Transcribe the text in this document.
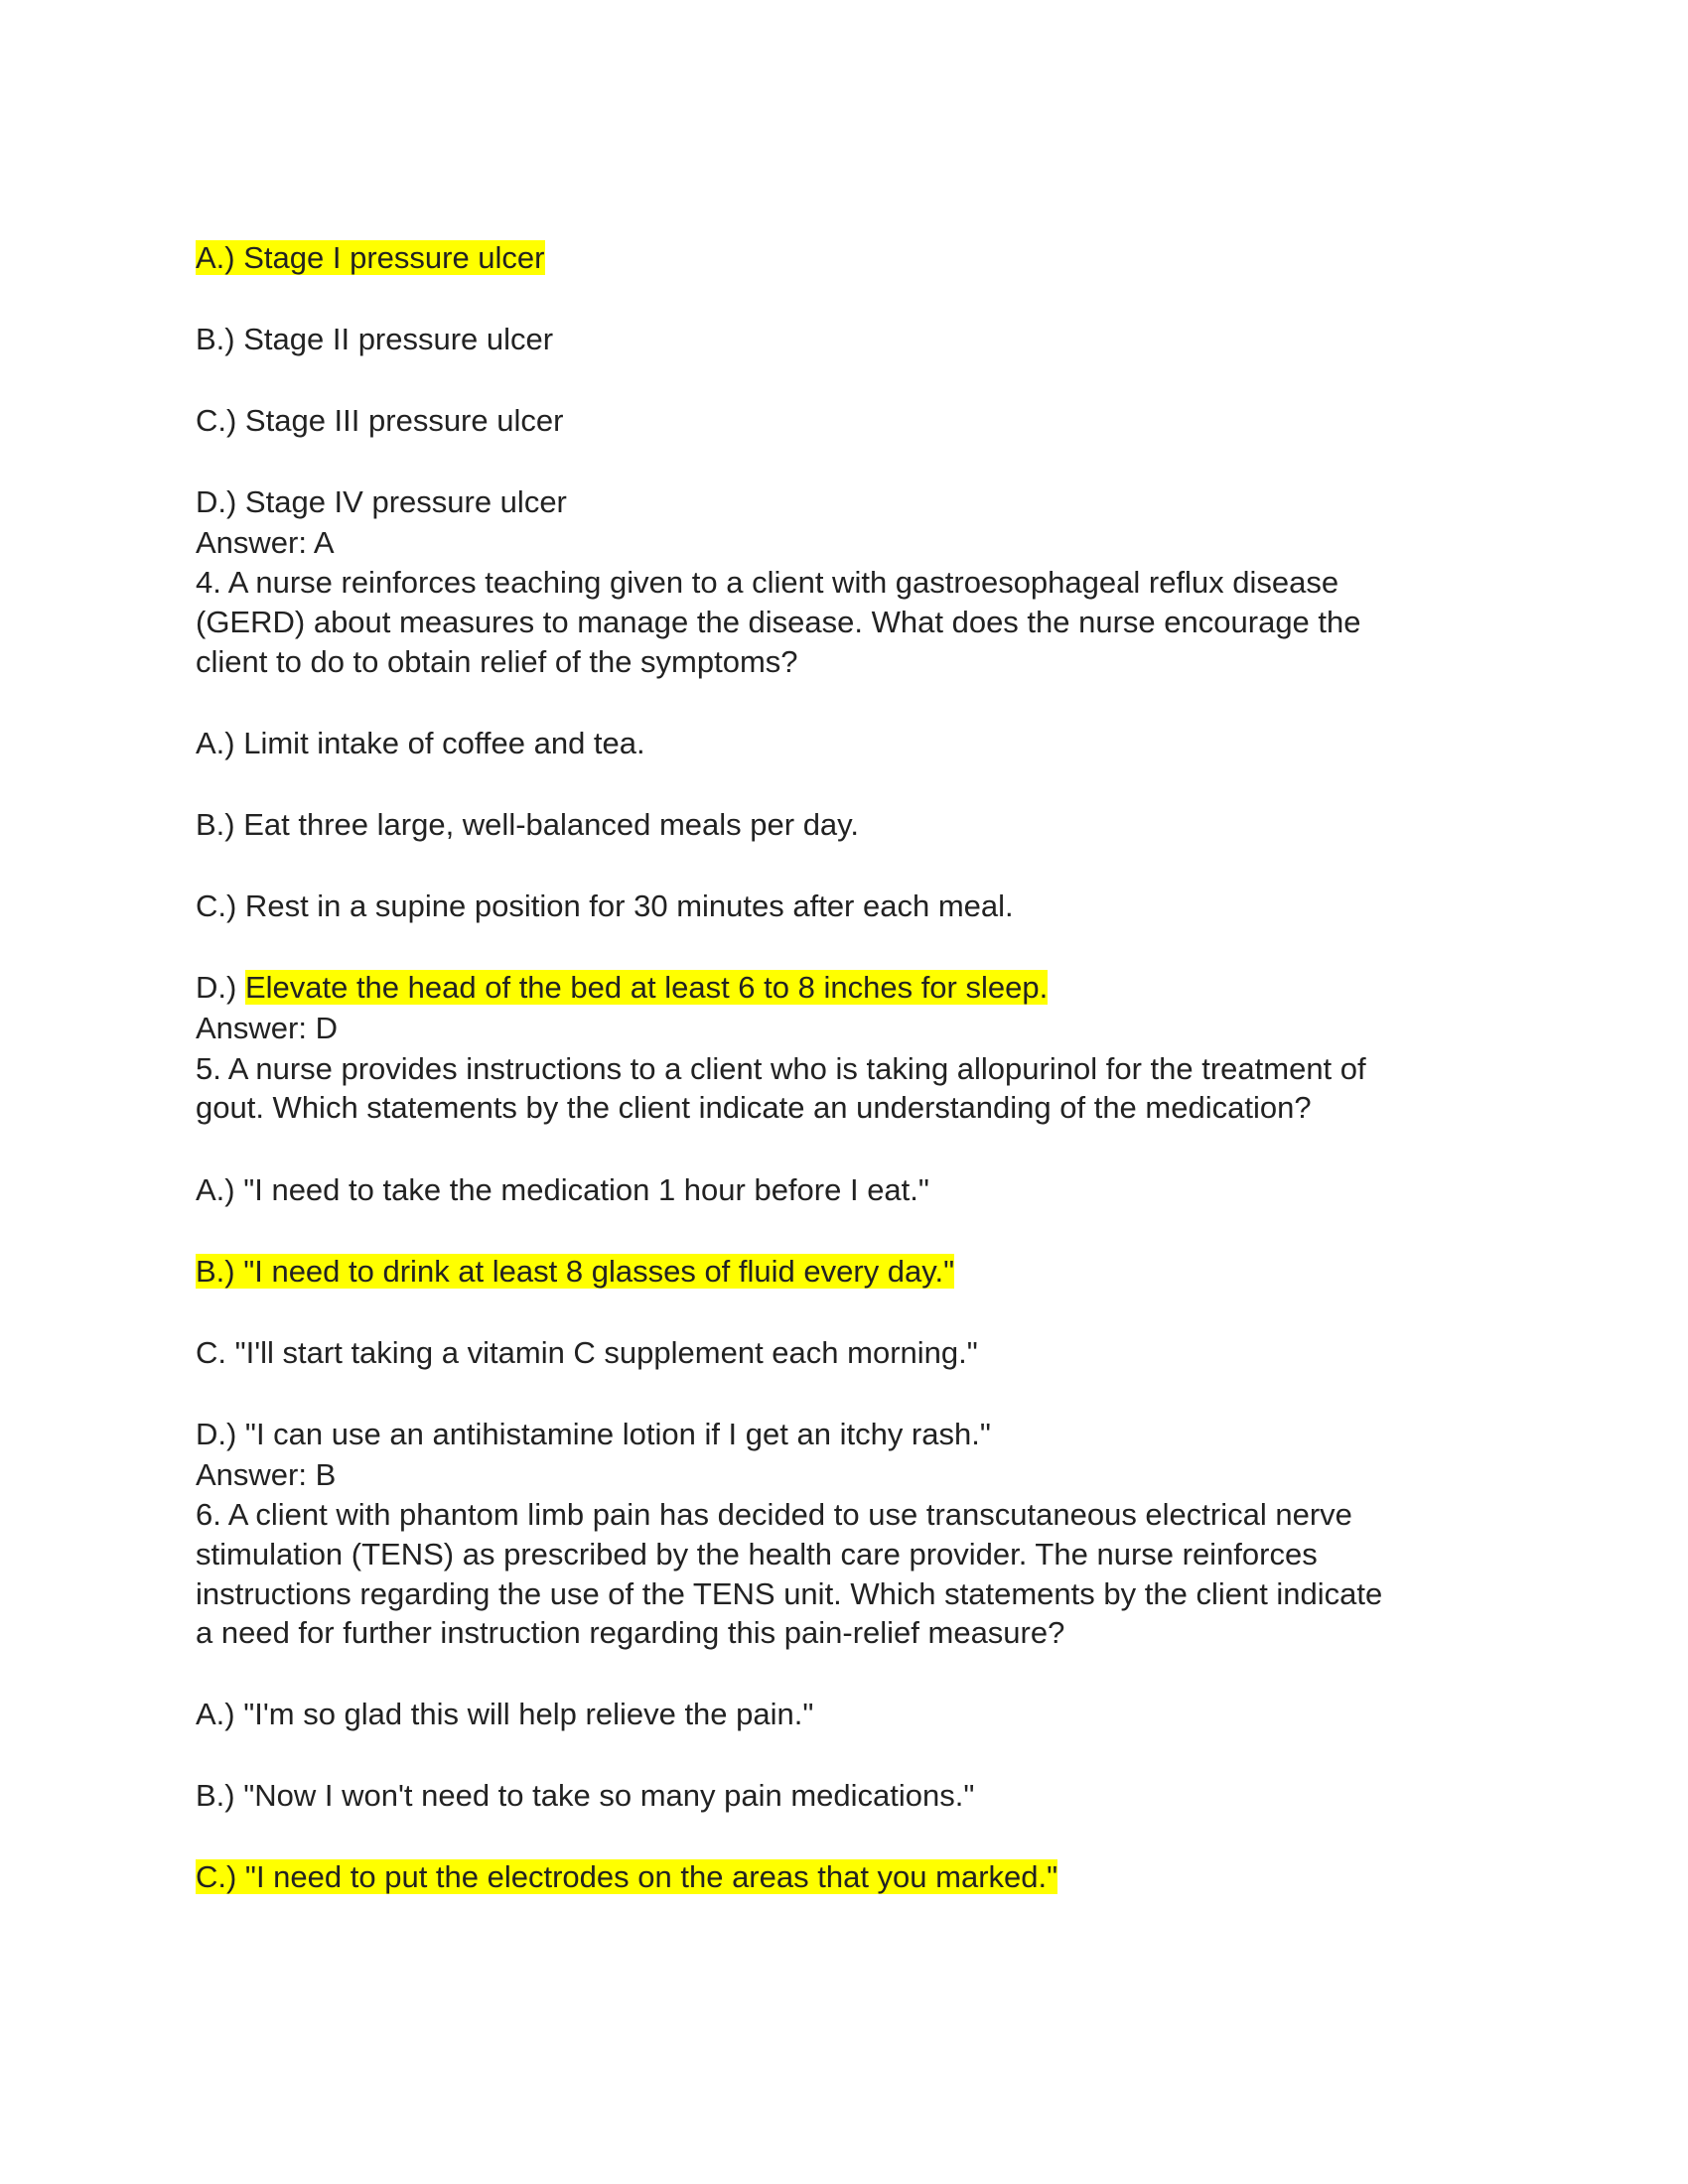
A.) Stage I pressure ulcer
B.) Stage II pressure ulcer
C.) Stage III pressure ulcer
D.) Stage IV pressure ulcer
Answer: A
4. A nurse reinforces teaching given to a client with gastroesophageal reflux disease
(GERD) about measures to manage the disease. What does the nurse encourage the
client to do to obtain relief of the symptoms?
A.) Limit intake of coffee and tea.
B.) Eat three large, well-balanced meals per day.
C.) Rest in a supine position for 30 minutes after each meal.
D.) Elevate the head of the bed at least 6 to 8 inches for sleep.
Answer: D
5. A nurse provides instructions to a client who is taking allopurinol for the treatment of
gout. Which statements by the client indicate an understanding of the medication?
A.) "I need to take the medication 1 hour before I eat."
B.) "I need to drink at least 8 glasses of fluid every day."
C. "I'll start taking a vitamin C supplement each morning."
D.) "I can use an antihistamine lotion if I get an itchy rash."
Answer: B
6. A client with phantom limb pain has decided to use transcutaneous electrical nerve
stimulation (TENS) as prescribed by the health care provider. The nurse reinforces
instructions regarding the use of the TENS unit. Which statements by the client indicate
a need for further instruction regarding this pain-relief measure?
A.) "I'm so glad this will help relieve the pain."
B.) "Now I won't need to take so many pain medications."
C.) "I need to put the electrodes on the areas that you marked."
